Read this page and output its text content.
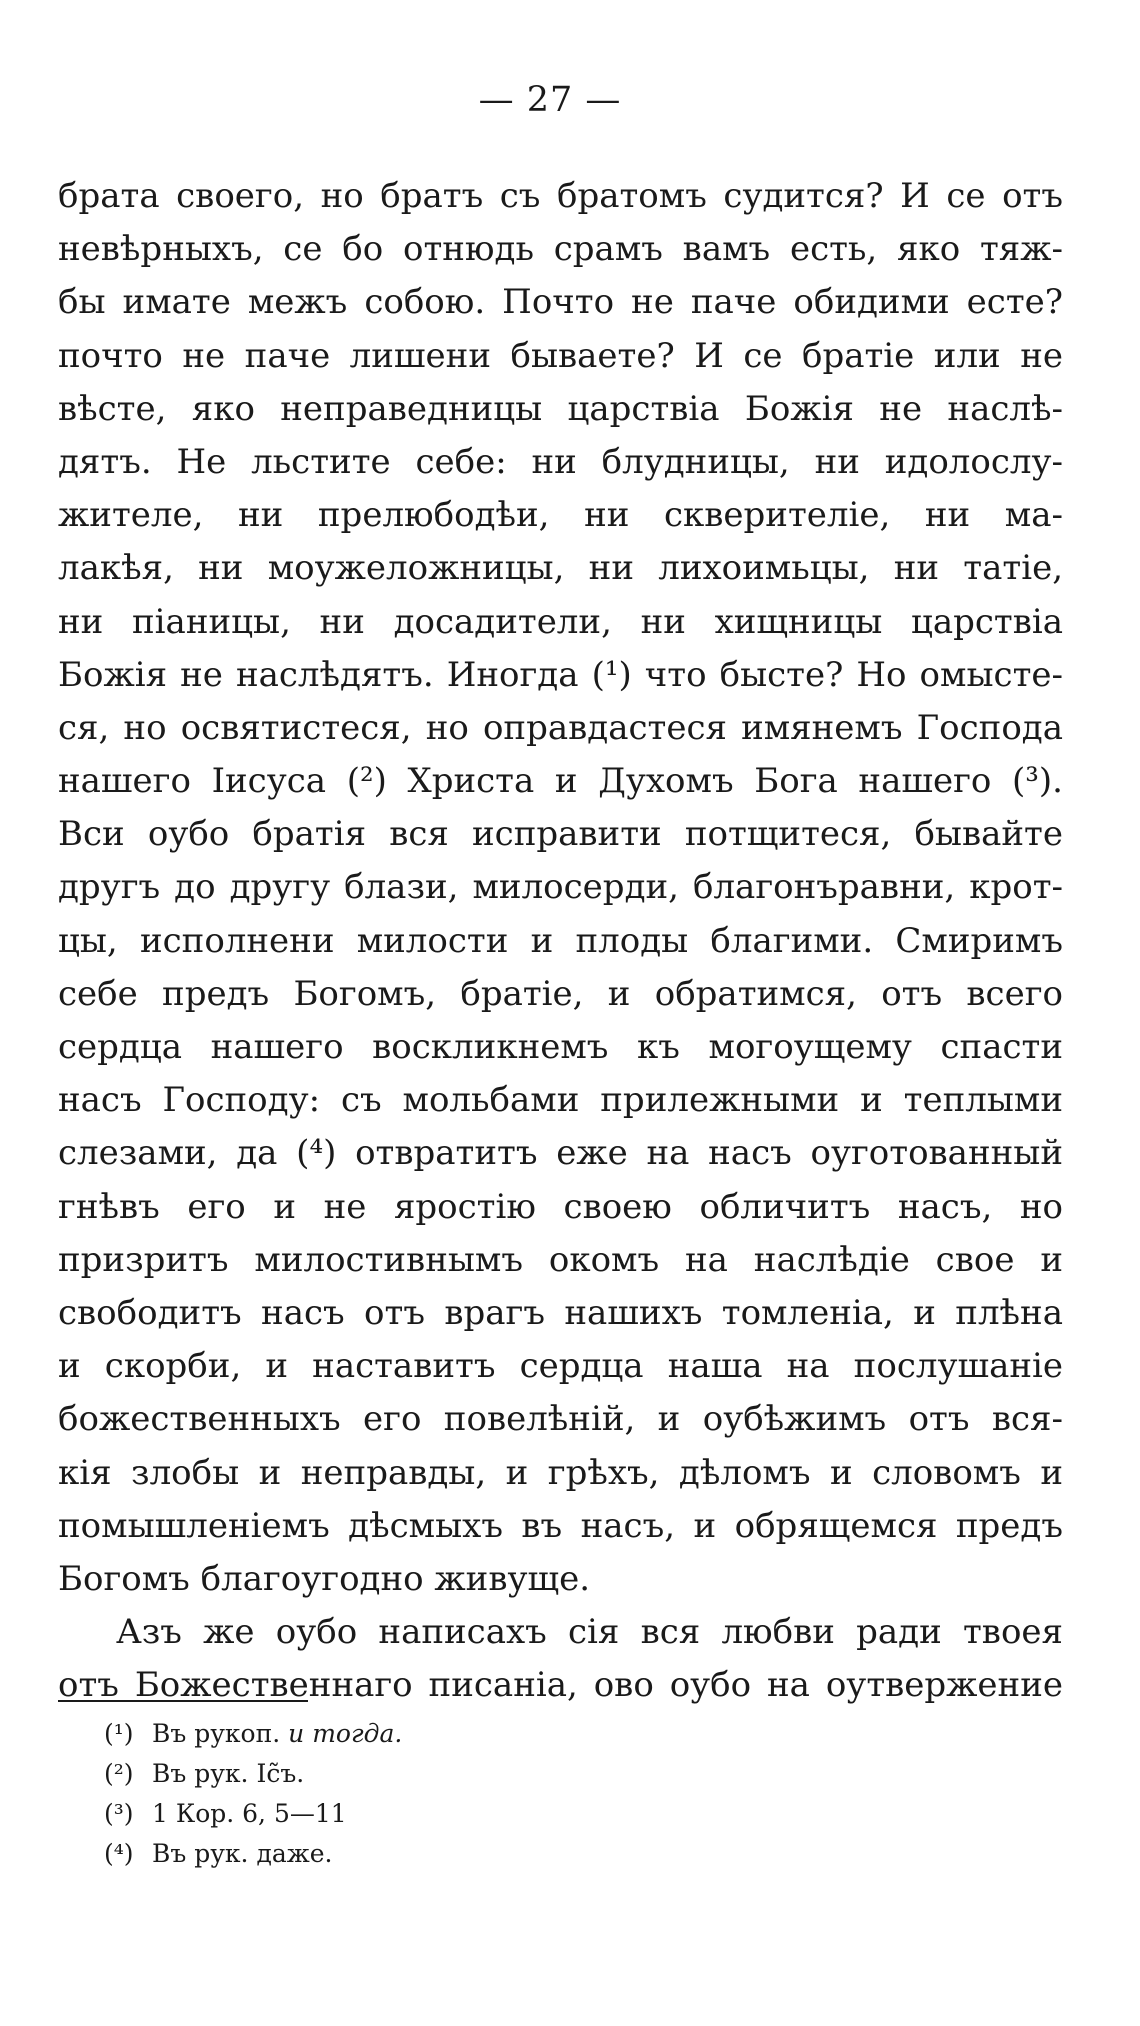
— 27 —
брата своего, но братъ съ братомъ судится? И се отъ
невѣрныхъ, се бо отнюдь срамъ вамъ есть, яко тяж-
бы имате межъ собою. Почто не паче обидими есте?
почто не паче лишени бываете? И се братіе или не
вѣсте, яко неправедницы царствіа Божія не наслѣ-
дятъ. Не льстите себе: ни блудницы, ни идолослу-
жителе, ни прелюбодѣи, ни скверителіе, ни ма-
лакѣя, ни моужеложницы, ни лихоимьцы, ни татіе,
ни піаницы, ни досадители, ни хищницы царствіа
Божія не наслѣдятъ. Иногда (¹) что бысте? Но омысте-
ся, но освятистеся, но оправдастеся имянемъ Господа
нашего Іисуса (²) Христа и Духомъ Бога нашего (³).
Вси оубо братія вся исправити потщитеся, бывайте
другъ до другу блази, милосерди, благонъравни, крот-
цы, исполнени милости и плоды благими. Смиримъ
себе предъ Богомъ, братіе, и обратимся, отъ всего
сердца нашего воскликнемъ къ могоущему спасти
насъ Господу: съ мольбами прилежными и теплыми
слезами, да (⁴) отвратитъ еже на насъ оуготованный
гнѣвъ его и не яростію своею обличитъ насъ, но
призритъ милостивнымъ окомъ на наслѣдіе свое и
свободитъ насъ отъ врагъ нашихъ томленіа, и плѣна
и скорби, и наставитъ сердца наша на послушаніе
божественныхъ его повелѣній, и оубѣжимъ отъ вся-
кія злобы и неправды, и грѣхъ, дѣломъ и словомъ и
помышленіемъ дѣсмыхъ въ насъ, и обрящемся предъ
Богомъ благоугодно живуще.
Азъ же оубо написахъ сія вся любви ради твоея
отъ Божественнаго писаніа, ово оубо на оутвержение
(¹) Въ рукоп. и тогда.
(²) Въ рук. Іс̃ъ.
(³) 1 Кор. 6, 5—11
(⁴) Въ рук. даже.
